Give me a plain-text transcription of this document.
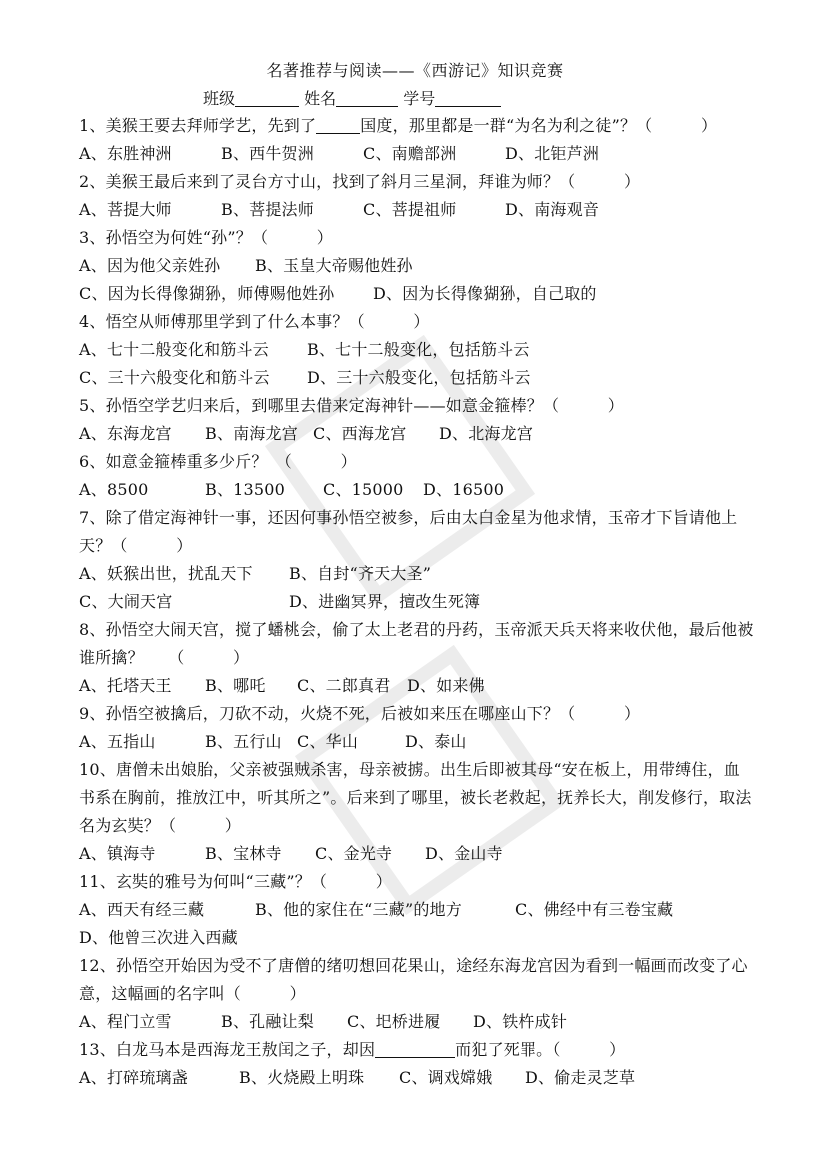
名著推荐与阅读——《西游记》知识竞赛
班级	姓名	学号
1、美猴王要去拜师学艺，先到了	国度，那里都是一群“为名为利之徒”？（　　　）
A、东胜神洲	B、西牛贺洲	C、南赡部洲	D、北钜芦洲
2、美猴王最后来到了灵台方寸山，找到了斜月三星洞，拜谁为师？（　　　）
A、菩提大师	B、菩提法师	C、菩提祖师	D、南海观音
3、孙悟空为何姓“孙”？（　　　）
A、因为他父亲姓孙 B、玉皇大帝赐他姓孙
C、因为长得像猢狲，师傅赐他姓孙 D、因为长得像猢狲，自己取的
4、悟空从师傅那里学到了什么本事？（　　　）
A、七十二般变化和筋斗云 B、七十二般变化，包括筋斗云
C、三十六般变化和筋斗云 D、三十六般变化，包括筋斗云
5、孙悟空学艺归来后，到哪里去借来定海神针——如意金箍棒？（　　　）
A、东海龙宫 B、南海龙宫 C、西海龙宫 D、北海龙宫
6、如意金箍棒重多少斤？　（　　　）
A、8500	B、13500 C、15000 D、16500
7、除了借定海神针一事，还因何事孙悟空被参，后由太白金星为他求情，玉帝才下旨请他上天？（　　　）
A、妖猴出世，扰乱天下 B、自封“齐天大圣”
C、大闹天宫	D、进幽冥界，擅改生死簿
8、孙悟空大闹天宫，搅了蟠桃会，偷了太上老君的丹药，玉帝派天兵天将来收伏他，最后他被谁所擒？　　（　　　）
A、托塔天王 B、哪吒 C、二郎真君 D、如来佛
9、孙悟空被擒后，刀砍不动，火烧不死，后被如来压在哪座山下？（　　　）
A、五指山	B、五行山 C、华山	D、泰山
10、唐僧未出娘胎，父亲被强贼杀害，母亲被掳。出生后即被其母“安在板上，用带缚住，血书系在胸前，推放江中，听其所之”。后来到了哪里，被长老救起，抚养长大，削发修行，取法名为玄奘？（　　　）
A、镇海寺	B、宝林寺 C、金光寺 D、金山寺
11、玄奘的雅号为何叫“三藏”？（　　　）
A、西天有经三藏	B、他的家住在“三藏”的地方	C、佛经中有三卷宝藏
D、他曾三次进入西藏
12、孙悟空开始因为受不了唐僧的绪叨想回花果山，途经东海龙宫因为看到一幅画而改变了心意，这幅画的名字叫（　　　）
A、程门立雪	B、孔融让梨 C、圯桥进履 D、铁杵成针
13、白龙马本是西海龙王敖闰之子，却因	而犯了死罪。（　　　）
A、打碎琉璃盏	B、火烧殿上明珠 C、调戏嫦娥 D、偷走灵芝草
